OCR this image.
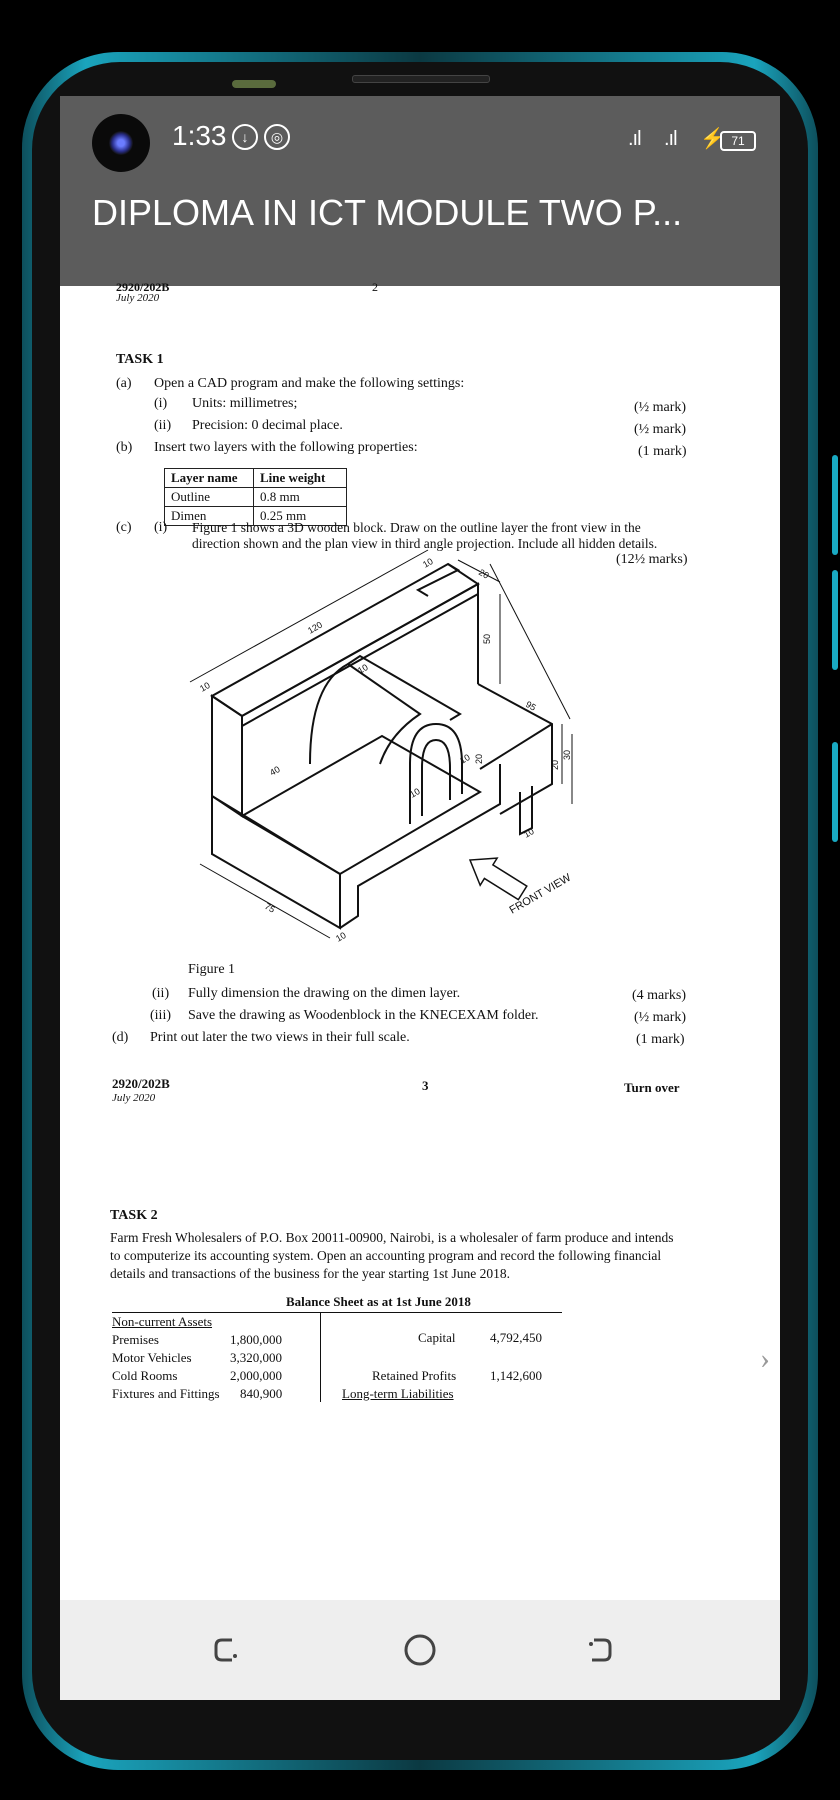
1:33	↓	◎	.ıl .ıl ⚡ 71
DIPLOMA IN ICT MODULE TWO P...
2920/202B
July 2020
2
TASK 1
(a) Open a CAD program and make the following settings:
(i) Units: millimetres;	(½ mark)
(ii) Precision: 0 decimal place.	(½ mark)
(b) Insert two layers with the following properties:	(1 mark)
Layer name	Line weight
Outline	0.8 mm
Dimen	0.25 mm
(c) (i) Figure 1 shows a 3D wooden block. Draw on the outline layer the front view in the
direction shown and the plan view in third angle projection. Include all hidden details.
(12½ marks)
10
20
120
50
10
10
95
40
10 20
20
30
10
10
75
10
FRONT VIEW
Figure 1
(ii) Fully dimension the drawing on the dimen layer.	(4 marks)
(iii) Save the drawing as Woodenblock in the KNECEXAM folder.	(½ mark)
(d) Print out later the two views in their full scale.	(1 mark)
2920/202B
July 2020
3	Turn over
TASK 2
Farm Fresh Wholesalers of P.O. Box 20011-00900, Nairobi, is a wholesaler of farm produce and intends
to computerize its accounting system. Open an accounting program and record the following financial
details and transactions of the business for the year starting 1st June 2018.
Balance Sheet as at 1st June 2018
Non-current Assets
Premises	1,800,000
Motor Vehicles	3,320,000
Cold Rooms	2,000,000
Fixtures and Fittings 840,900
Capital	4,792,450
Retained Profits	1,142,600
Long-term Liabilities
›
